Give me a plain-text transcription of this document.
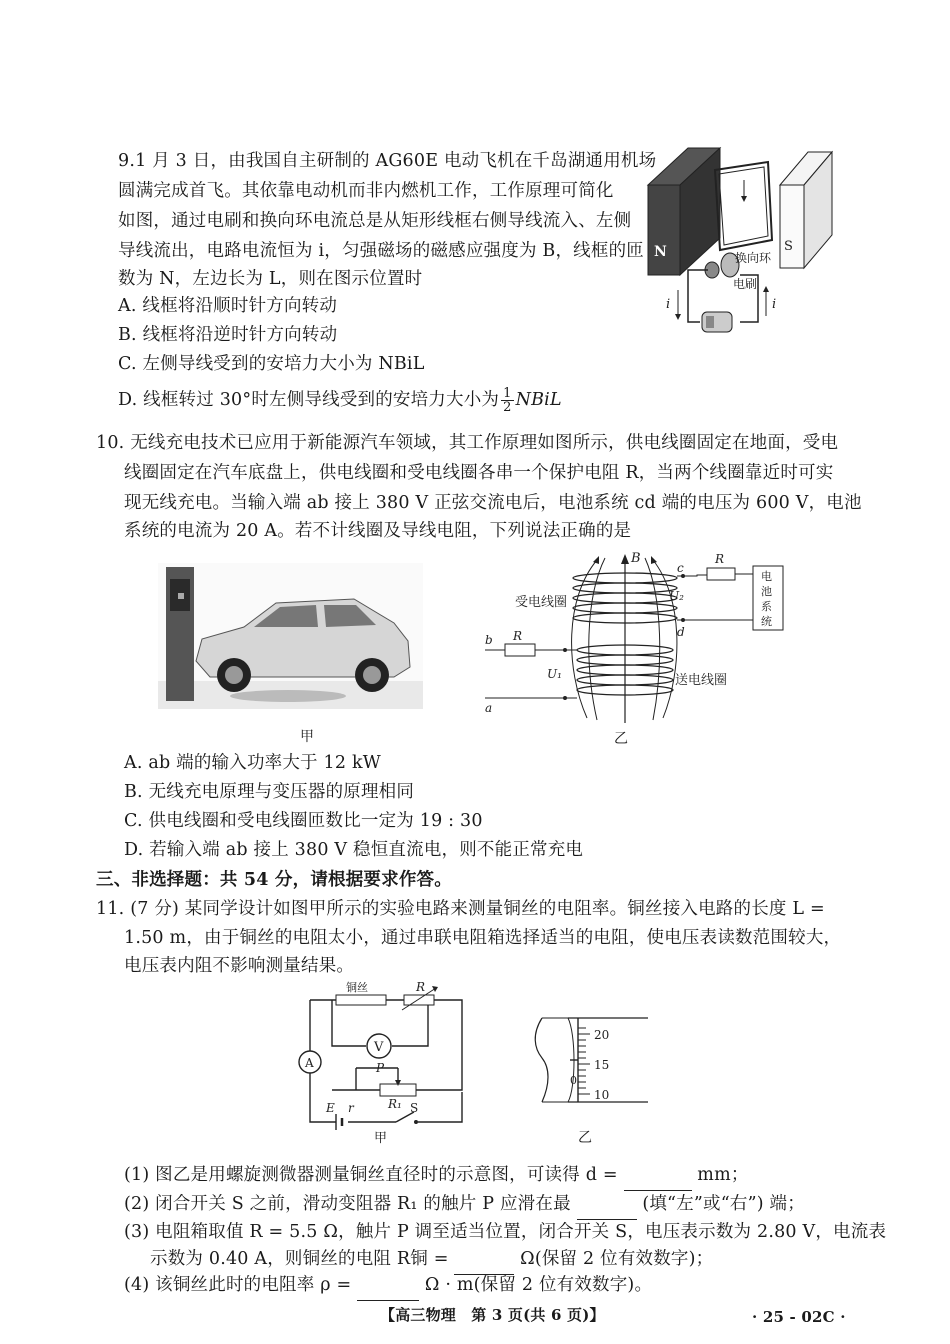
9.1 月 3 日，由我国自主研制的 AG60E 电动飞机在千岛湖通用机场
圆满完成首飞。其依靠电动机而非内燃机工作，工作原理可简化
如图，通过电刷和换向环电流总是从矩形线框右侧导线流入、左侧
导线流出，电路电流恒为 i，匀强磁场的磁感应强度为 B，线框的匝
数为 N，左边长为 L，则在图示位置时
A. 线框将沿顺时针方向转动
B. 线框将沿逆时针方向转动
C. 左侧导线受到的安培力大小为 NBiL
D. 线框转过 30°时左侧导线受到的安培力大小为 $\frac{1}{2}$ NBiL
N	S
换向环
电刷
i	i
10. 无线充电技术已应用于新能源汽车领域，其工作原理如图所示，供电线圈固定在地面，受电
线圈固定在汽车底盘上，供电线圈和受电线圈各串一个保护电阻 R，当两个线圈靠近时可实
现无线充电。当输入端 ab 接上 380 V 正弦交流电后，电池系统 cd 端的电压为 600 V，电池
系统的电流为 20 A。若不计线圈及导线电阻，下列说法正确的是
甲
B
受电线圈
送电线圈
c
R
电
池
系
统
d
U₂
R
b
a
U₁
乙
A. ab 端的输入功率大于 12 kW
B. 无线充电原理与变压器的原理相同
C. 供电线圈和受电线圈匝数比一定为 19 : 30
D. 若输入端 ab 接上 380 V 稳恒直流电，则不能正常充电
三、非选择题：共 54 分，请根据要求作答。
11. (7 分) 某同学设计如图甲所示的实验电路来测量铜丝的电阻率。铜丝接入电路的长度 L =
1.50 m，由于铜丝的电阻太小，通过串联电阻箱选择适当的电阻，使电压表读数范围较大，
电压表内阻不影响测量结果。
铜丝	R
V
A	P
R₁
E r	S
甲
20
15
10
0
乙
(1) 图乙是用螺旋测微器测量铜丝直径时的示意图，可读得 d =	mm；
(2) 闭合开关 S 之前，滑动变阻器 R₁ 的触片 P 应滑在最	(填“左”或“右”) 端；
(3) 电阻箱取值 R = 5.5 Ω，触片 P 调至适当位置，闭合开关 S，电压表示数为 2.80 V，电流表
示数为 0.40 A，则铜丝的电阻 R铜 =	Ω(保留 2 位有效数字)；
(4) 该铜丝此时的电阻率 ρ =	Ω · m(保留 2 位有效数字)。
【高三物理　第 3 页(共 6 页)】	· 25 - 02C ·
